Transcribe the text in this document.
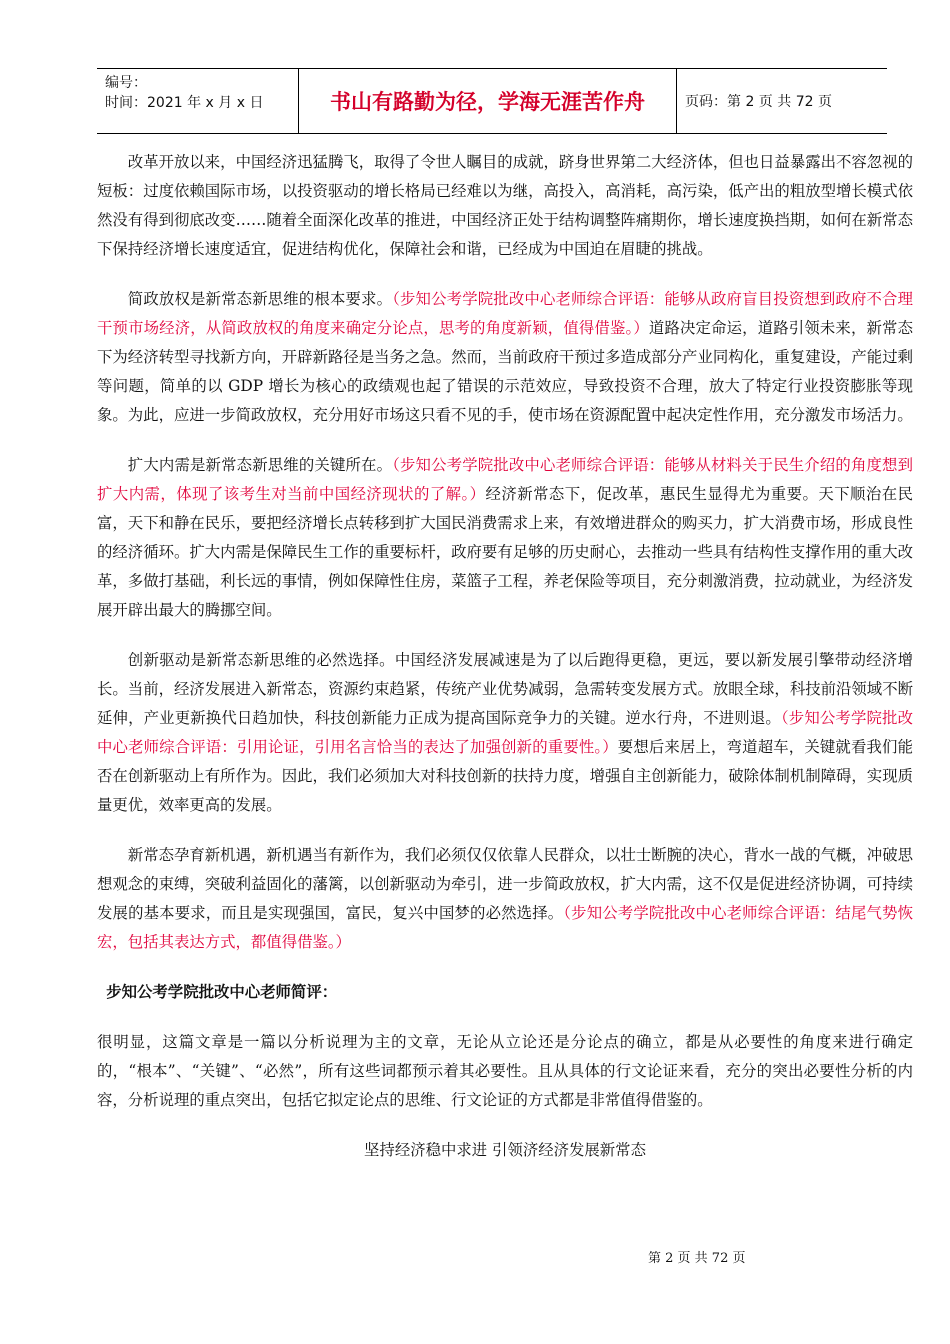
编号：
时间：2021 年 x 月 x 日	书山有路勤为径，学海无涯苦作舟	页码：第 2 页 共 72 页

改革开放以来，中国经济迅猛腾飞，取得了令世人瞩目的成就，跻身世界第二大经济体，但也日益暴露出不容忽视的短板：过度依赖国际市场，以投资驱动的增长格局已经难以为继，高投入，高消耗，高污染，低产出的粗放型增长模式依然没有得到彻底改变……随着全面深化改革的推进，中国经济正处于结构调整阵痛期你，增长速度换挡期，如何在新常态下保持经济增长速度适宜，促进结构优化，保障社会和谐，已经成为中国迫在眉睫的挑战。

简政放权是新常态新思维的根本要求。（步知公考学院批改中心老师综合评语：能够从政府盲目投资想到政府不合理干预市场经济，从简政放权的角度来确定分论点，思考的角度新颖，值得借鉴。）道路决定命运，道路引领未来，新常态下为经济转型寻找新方向，开辟新路径是当务之急。然而，当前政府干预过多造成部分产业同构化，重复建设，产能过剩等问题，简单的以 GDP 增长为核心的政绩观也起了错误的示范效应，导致投资不合理，放大了特定行业投资膨胀等现象。为此，应进一步简政放权，充分用好市场这只看不见的手，使市场在资源配置中起决定性作用，充分激发市场活力。

扩大内需是新常态新思维的关键所在。（步知公考学院批改中心老师综合评语：能够从材料关于民生介绍的角度想到扩大内需，体现了该考生对当前中国经济现状的了解。）经济新常态下，促改革，惠民生显得尤为重要。天下顺治在民富，天下和静在民乐，要把经济增长点转移到扩大国民消费需求上来，有效增进群众的购买力，扩大消费市场，形成良性的经济循环。扩大内需是保障民生工作的重要标杆，政府要有足够的历史耐心，去推动一些具有结构性支撑作用的重大改革，多做打基础，利长远的事情，例如保障性住房，菜篮子工程，养老保险等项目，充分刺激消费，拉动就业，为经济发展开辟出最大的腾挪空间。

创新驱动是新常态新思维的必然选择。中国经济发展减速是为了以后跑得更稳，更远，要以新发展引擎带动经济增长。当前，经济发展进入新常态，资源约束趋紧，传统产业优势减弱，急需转变发展方式。放眼全球，科技前沿领域不断延伸，产业更新换代日趋加快，科技创新能力正成为提高国际竞争力的关键。逆水行舟，不进则退。（步知公考学院批改中心老师综合评语：引用论证，引用名言恰当的表达了加强创新的重要性。）要想后来居上，弯道超车，关键就看我们能否在创新驱动上有所作为。因此，我们必须加大对科技创新的扶持力度，增强自主创新能力，破除体制机制障碍，实现质量更优，效率更高的发展。

新常态孕育新机遇，新机遇当有新作为，我们必须仅仅依靠人民群众，以壮士断腕的决心，背水一战的气概，冲破思想观念的束缚，突破利益固化的藩篱，以创新驱动为牵引，进一步简政放权，扩大内需，这不仅是促进经济协调，可持续发展的基本要求，而且是实现强国，富民，复兴中国梦的必然选择。（步知公考学院批改中心老师综合评语：结尾气势恢宏，包括其表达方式，都值得借鉴。）

步知公考学院批改中心老师简评：

很明显，这篇文章是一篇以分析说理为主的文章，无论从立论还是分论点的确立，都是从必要性的角度来进行确定的，“根本”、“关键”、“必然”，所有这些词都预示着其必要性。且从具体的行文论证来看，充分的突出必要性分析的内容，分析说理的重点突出，包括它拟定论点的思维、行文论证的方式都是非常值得借鉴的。

坚持经济稳中求进 引领济经济发展新常态

第 2 页 共 72 页
